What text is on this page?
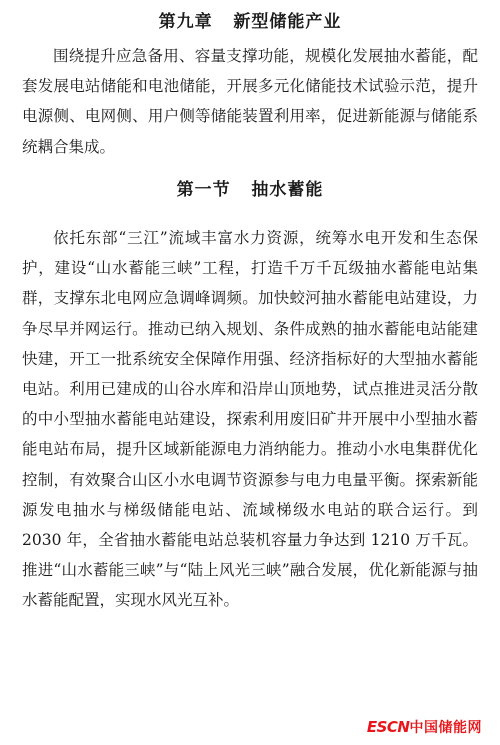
第九章   新型储能产业

围绕提升应急备用、容量支撑功能，规模化发展抽水蓄能，配套发展电站储能和电池储能，开展多元化储能技术试验示范，提升电源侧、电网侧、用户侧等储能装置利用率，促进新能源与储能系统耦合集成。

第一节   抽水蓄能

依托东部“三江”流域丰富水力资源，统筹水电开发和生态保护，建设“山水蓄能三峡”工程，打造千万千瓦级抽水蓄能电站集群，支撑东北电网应急调峰调频。加快蛟河抽水蓄能电站建设，力争尽早并网运行。推动已纳入规划、条件成熟的抽水蓄能电站能建快建，开工一批系统安全保障作用强、经济指标好的大型抽水蓄能电站。利用已建成的山谷水库和沿岸山顶地势，试点推进灵活分散的中小型抽水蓄能电站建设，探索利用废旧矿井开展中小型抽水蓄能电站布局，提升区域新能源电力消纳能力。推动小水电集群优化控制，有效聚合山区小水电调节资源参与电力电量平衡。探索新能源发电抽水与梯级储能电站、流域梯级水电站的联合运行。到 2030 年，全省抽水蓄能电站总装机容量力争达到 1210 万千瓦。推进“山水蓄能三峡”与“陆上风光三峡”融合发展，优化新能源与抽水蓄能配置，实现水风光互补。

ESCN中国储能网
